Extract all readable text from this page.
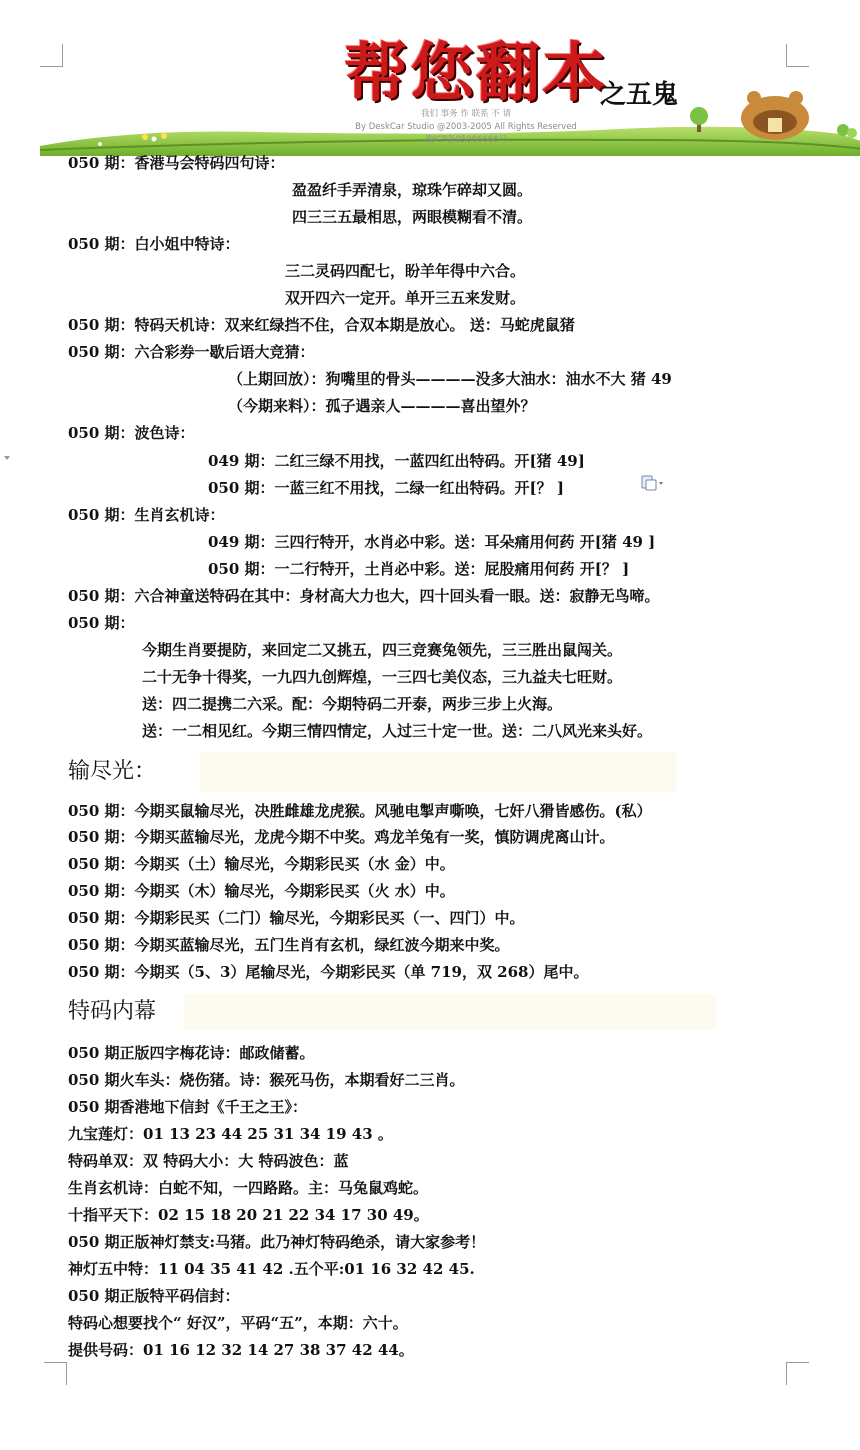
帮您翻本
之五鬼
我们 事务 作 联系 不 请
By DeskCar Studio @2003-2005 All Rights Reserved
豫ICP备05006668号
050 期：香港马会特码四句诗：
盈盈纤手弄清泉，琼珠乍碎却又圆。
四三三五最相思，两眼模糊看不清。
050 期：白小姐中特诗：
三二灵码四配七，盼羊年得中六合。
双开四六一定开。单开三五来发财。
050 期：特码天机诗：双来红绿挡不住，合双本期是放心。 送：马蛇虎鼠猪
050 期：六合彩券一歇后语大竞猜：
（上期回放）：狗嘴里的骨头————没多大油水：油水不大 猪 49
（今期来料）：孤子遇亲人————喜出望外？
050 期：波色诗：
049 期：二红三绿不用找，一蓝四红出特码。开[猪 49]
050 期：一蓝三红不用找，二绿一红出特码。开[？ ]
050 期：生肖玄机诗：
049 期：三四行特开，水肖必中彩。送：耳朵痛用何药 开[猪 49 ]
050 期：一二行特开，土肖必中彩。送：屁股痛用何药 开[？ ]
050 期：六合神童送特码在其中：身材高大力也大，四十回头看一眼。送：寂静无鸟啼。
050 期：
今期生肖要提防，来回定二又挑五，四三竞赛兔领先，三三胜出鼠闯关。
二十无争十得奖，一九四九创辉煌，一三四七美仪态，三九益夫七旺财。
送：四二提携二六采。配：今期特码二开泰，两步三步上火海。
送：一二相见红。今期三情四情定，人过三十定一世。送：二八风光来头好。
输尽光：
050 期：今期买鼠输尽光，决胜雌雄龙虎猴。风驰电掣声嘶唤，七奸八猾皆感伤。(私）
050 期：今期买蓝输尽光，龙虎今期不中奖。鸡龙羊兔有一奖，慎防调虎离山计。
050 期：今期买（土）输尽光，今期彩民买（水 金）中。
050 期：今期买（木）输尽光，今期彩民买（火 水）中。
050 期：今期彩民买（二门）输尽光，今期彩民买（一、四门）中。
050 期：今期买蓝输尽光，五门生肖有玄机，绿红波今期来中奖。
050 期：今期买（5、3）尾输尽光，今期彩民买（单 719，双 268）尾中。
特码内幕
050 期正版四字梅花诗：邮政储蓄。
050 期火车头：烧伤猪。诗：猴死马伤，本期看好二三肖。
050 期香港地下信封《千王之王》：
九宝莲灯：01 13 23 44 25 31 34 19 43 。
特码单双：双 特码大小：大 特码波色：蓝
生肖玄机诗：白蛇不知，一四路路。主：马兔鼠鸡蛇。
十指平天下：02 15 18 20 21 22 34 17 30 49。
050 期正版神灯禁支:马猪。此乃神灯特码绝杀，请大家参考！
神灯五中特：11 04 35 41 42 .五个平:01 16 32 42 45.
050 期正版特平码信封：
特码心想要找个“ 好汉”，平码“五”，本期：六十。
提供号码：01 16 12 32 14 27 38 37 42 44。
